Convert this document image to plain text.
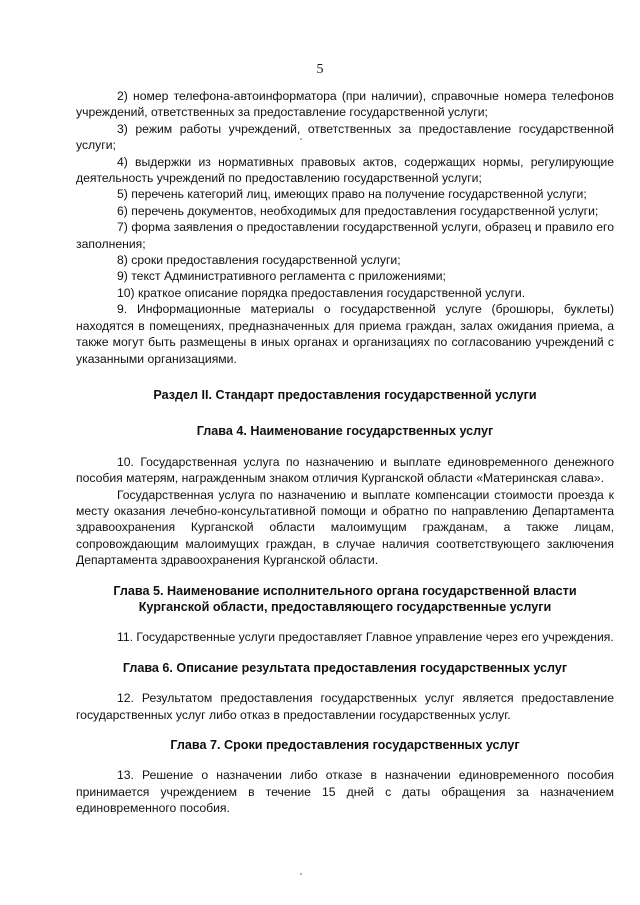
5

2) номер телефона-автоинформатора (при наличии), справочные номера телефонов учреждений, ответственных за предоставление государственной услуги;

3) режим работы учреждений, ответственных за предоставление государственной услуги;

4) выдержки из нормативных правовых актов, содержащих нормы, регулирующие деятельность учреждений по предоставлению государственной услуги;

5) перечень категорий лиц, имеющих право на получение государственной услуги;

6) перечень документов, необходимых для предоставления государственной услуги;

7) форма заявления о предоставлении государственной услуги, образец и правило его заполнения;

8) сроки предоставления государственной услуги;

9) текст Административного регламента с приложениями;

10) краткое описание порядка предоставления государственной услуги.

9. Информационные материалы о государственной услуге (брошюры, буклеты) находятся в помещениях, предназначенных для приема граждан, залах ожидания приема, а также могут быть размещены в иных органах и организациях по согласованию учреждений с указанными организациями.

Раздел II. Стандарт предоставления государственной услуги

Глава 4. Наименование государственных услуг

10. Государственная услуга по назначению и выплате единовременного денежного пособия матерям, награжденным знаком отличия Курганской области «Материнская слава».

Государственная услуга по назначению и выплате компенсации стоимости проезда к месту оказания лечебно-консультативной помощи и обратно по направлению Департамента здравоохранения Курганской области малоимущим гражданам, а также лицам, сопровождающим малоимущих граждан, в случае наличия соответствующего заключения Департамента здравоохранения Курганской области.

Глава 5. Наименование исполнительного органа государственной власти

Курганской области, предоставляющего государственные услуги

11. Государственные услуги предоставляет Главное управление через его учреждения.

Глава 6. Описание результата предоставления государственных услуг

12. Результатом предоставления государственных услуг является предоставление государственных услуг либо отказ в предоставлении государственных услуг.

Глава 7. Сроки предоставления государственных услуг

13. Решение о назначении либо отказе в назначении единовременного пособия принимается учреждением в течение 15 дней с даты обращения за назначением единовременного пособия.
